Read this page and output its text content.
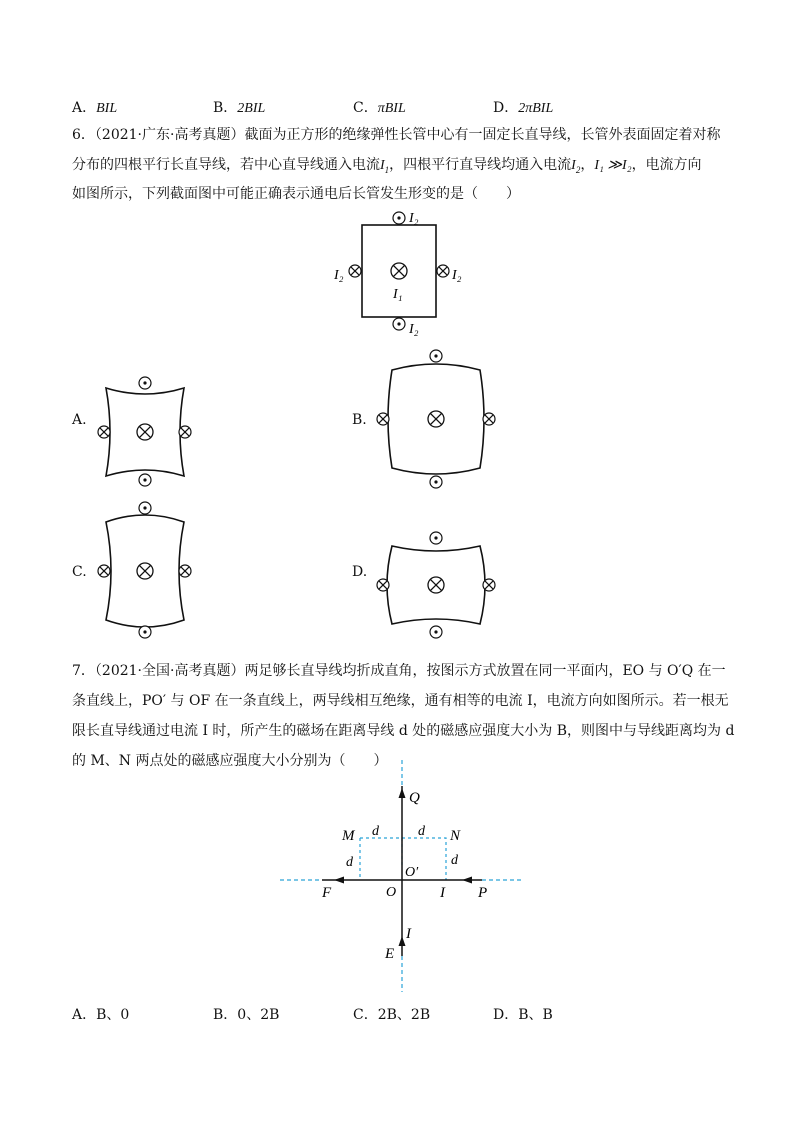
A．BIL	B．2BIL	C．πBIL	D．2πBIL
6．（2021·广东·高考真题）截面为正方形的绝缘弹性长管中心有一固定长直导线，长管外表面固定着对称
分布的四根平行长直导线，若中心直导线通入电流$I_1$，四根平行直导线均通入电流$I_2$，I₁ ≫I₂，电流方向
如图所示，下列截面图中可能正确表示通电后长管发生形变的是（　　）
I₂
I₂
I₂	I₂
I₁
A.	B.
C.	D.
7．（2021·全国·高考真题）两足够长直导线均折成直角，按图示方式放置在同一平面内，EO 与 O′Q 在一
条直线上，PO′ 与 OF 在一条直线上，两导线相互绝缘，通有相等的电流 I，电流方向如图所示。若一根无
限长直导线通过电流 I 时，所产生的磁场在距离导线 d 处的磁感应强度大小为 B，则图中与导线距离均为 d
的 M、N 两点处的磁感应强度大小分别为（　　）
Q
M	N
d	d
d	d
O′
O
F	I P
I
E
A．B、0	B．0、2B	C．2B、2B	D．B、B
